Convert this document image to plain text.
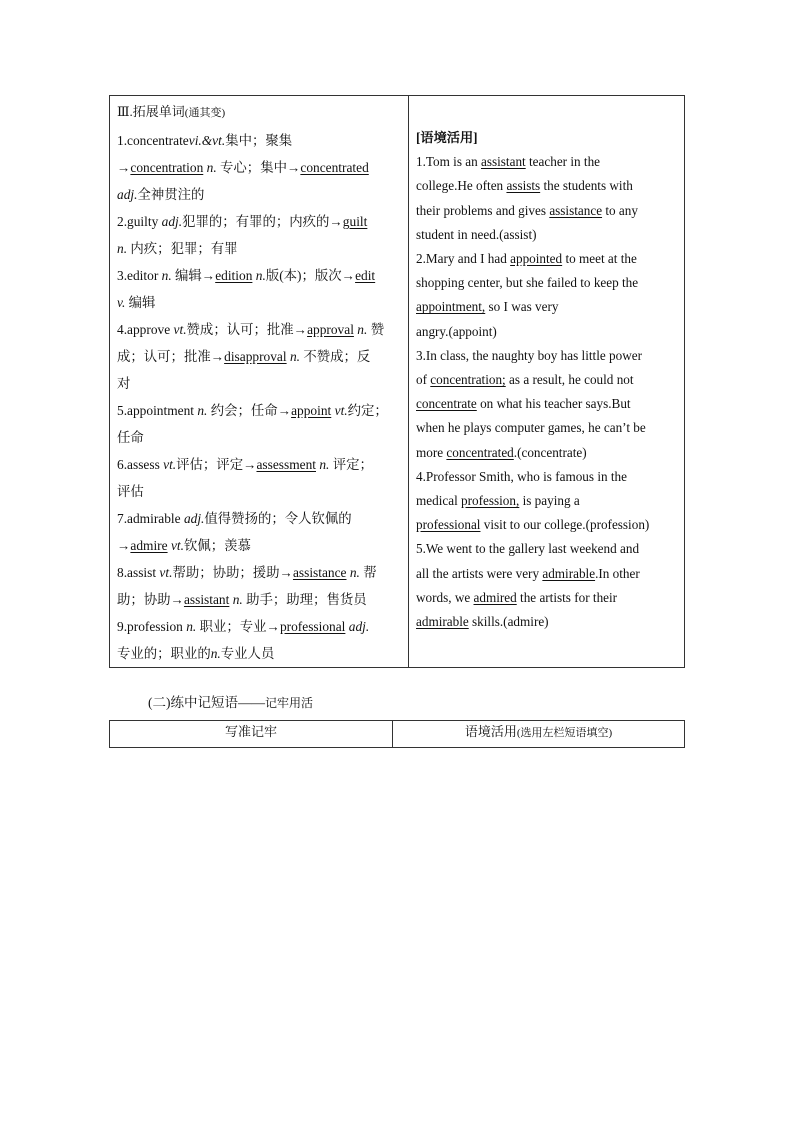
Ⅲ.拓展单词(通其变)
1.concentratevi.&vt.集中；聚集
→concentration n. 专心；集中→concentrated
adj.全神贯注的
2.guilty adj.犯罪的；有罪的；内疚的→guilt
n. 内疚；犯罪；有罪
3.editor n. 编辑→edition n.版(本)；版次→edit
v. 编辑
4.approve vt.赞成；认可；批准→approval n. 赞
成；认可；批准→disapproval n. 不赞成；反
对
5.appointment n. 约会；任命→appoint vt.约定；
任命
6.assess vt.评估；评定→assessment n. 评定；
评估
7.admirable adj.值得赞扬的；令人钦佩的
→admire vt.钦佩；羡慕
8.assist vt.帮助；协助；援助→assistance n. 帮
助；协助→assistant n. 助手；助理；售货员
9.profession n. 职业；专业→professional adj.
专业的；职业的n.专业人员
[语境活用]
1.Tom is an assistant teacher in the
college.He often assists the students with
their problems and gives assistance to any
student in need.(assist)
2.Mary and I had appointed to meet at the
shopping center, but she failed to keep the
appointment, so I was very
angry.(appoint)
3.In class, the naughty boy has little power
of concentration; as a result, he could not
concentrate on what his teacher says.But
when he plays computer games, he can’t be
more concentrated.(concentrate)
4.Professor Smith, who is famous in the
medical profession, is paying a
professional visit to our college.(profession)
5.We went to the gallery last weekend and
all the artists were very admirable.In other
words, we admired the artists for their
admirable skills.(admire)
(二)练中记短语——记牢用活
写准记牢	语境活用(选用左栏短语填空)
